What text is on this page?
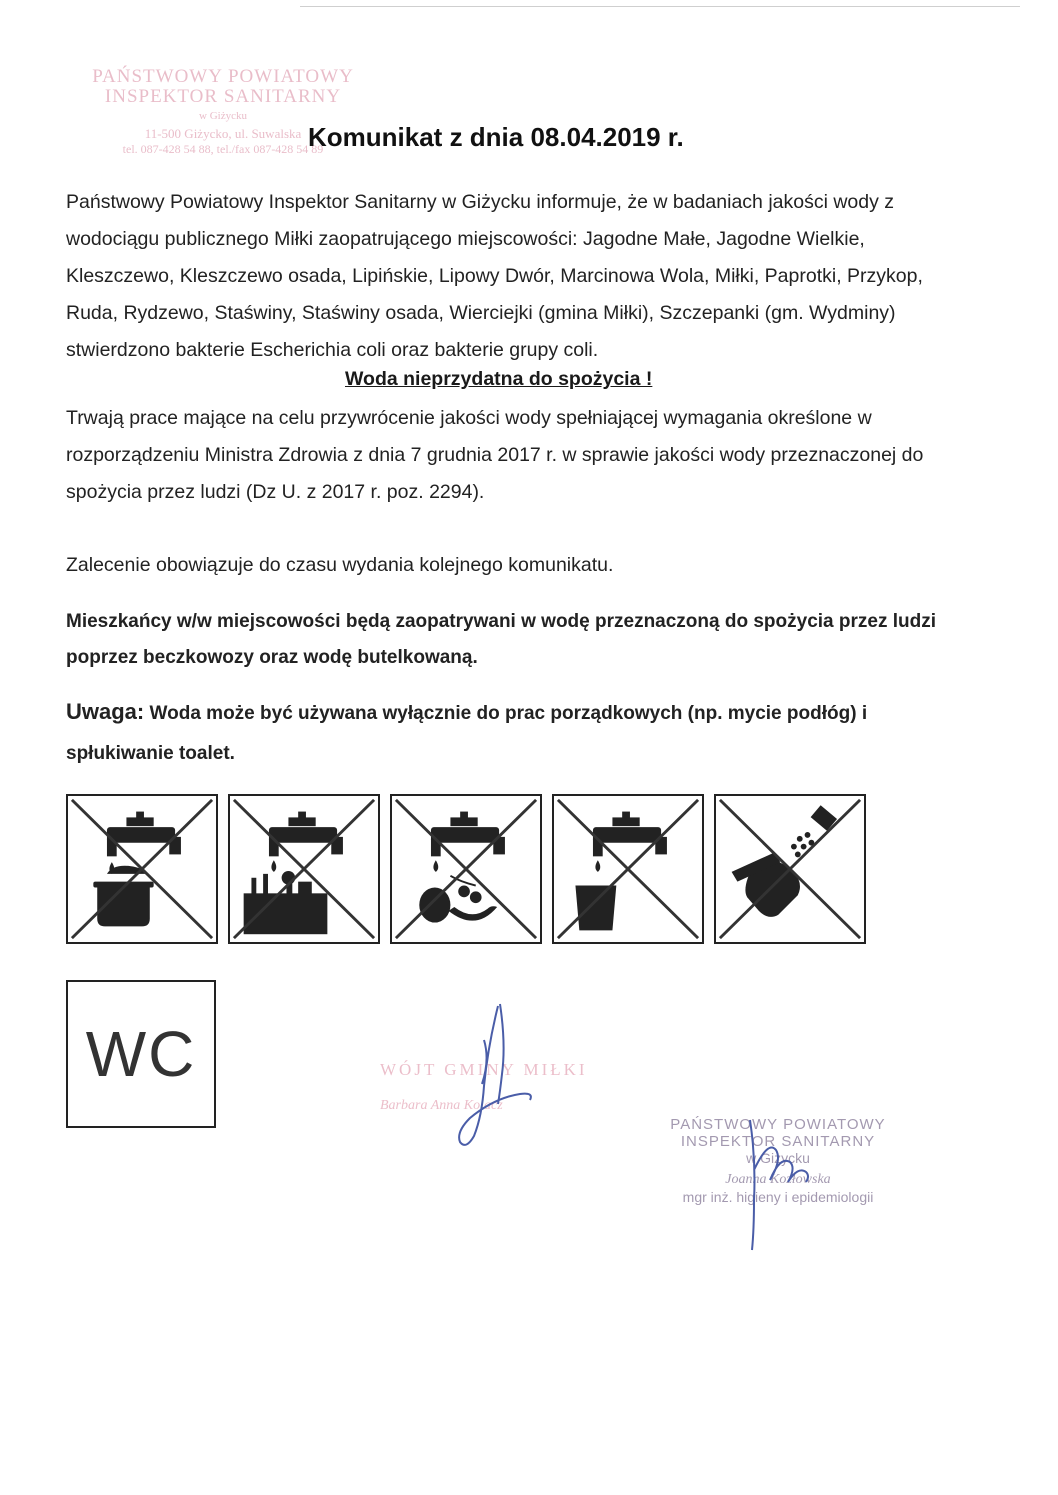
PAŃSTWOWY POWIATOWY
INSPEKTOR SANITARNY
w Giżycku
11-500 Giżycko, ul. Suwalska
tel. 087-428 54 88, tel./fax 087-428 54 89
Komunikat z dnia 08.04.2019 r.
Państwowy Powiatowy Inspektor Sanitarny w Giżycku informuje, że w badaniach jakości wody z wodociągu publicznego Miłki zaopatrującego miejscowości: Jagodne Małe, Jagodne Wielkie, Kleszczewo, Kleszczewo osada, Lipińskie, Lipowy Dwór, Marcinowa Wola, Miłki, Paprotki, Przykop, Ruda, Rydzewo, Staświny, Staświny osada, Wierciejki (gmina Miłki), Szczepanki (gm. Wydminy) stwierdzono bakterie Escherichia coli oraz bakterie grupy coli.
Woda nieprzydatna do spożycia !
Trwają prace mające na celu przywrócenie jakości wody spełniającej wymagania określone w rozporządzeniu Ministra Zdrowia z dnia 7 grudnia 2017 r. w sprawie jakości wody przeznaczonej do spożycia przez ludzi (Dz U. z 2017 r. poz. 2294).
Zalecenie obowiązuje do czasu wydania kolejnego komunikatu.
Mieszkańcy w/w miejscowości będą zaopatrywani w wodę przeznaczoną do spożycia przez ludzi poprzez beczkowozy oraz wodę butelkowaną.
Uwaga: Woda może być używana wyłącznie do prac porządkowych (np. mycie podłóg) i spłukiwanie toalet.
WC	WÓJT GMINY MIŁKI
Barbara Anna Kolacz
PAŃSTWOWY POWIATOWY
INSPEKTOR SANITARNY
w Giżycku
Joanna Kozłowska
mgr inż. higieny i epidemiologii
